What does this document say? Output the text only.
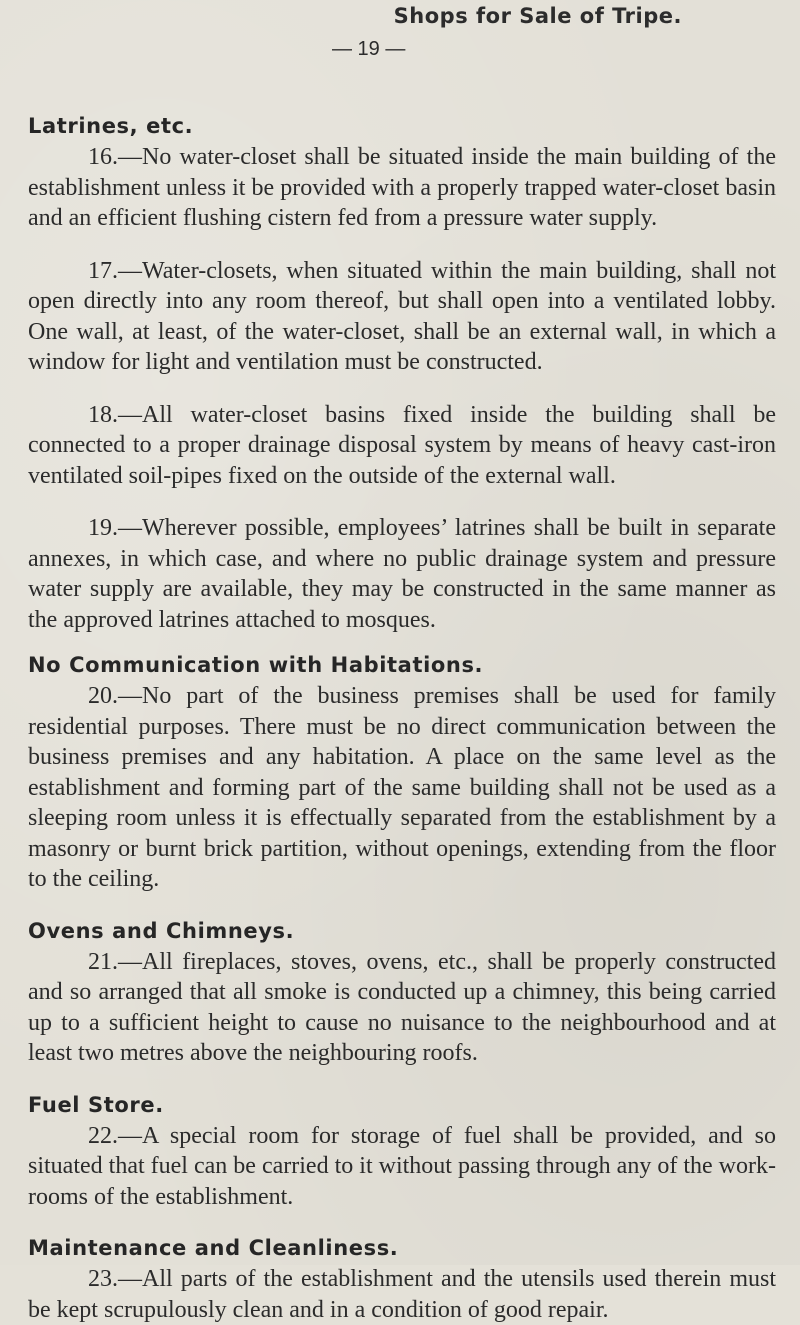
Shops for Sale of Tripe.
— 19 —
Latrines, etc.

16.—No water-closet shall be situated inside the main building of the establishment unless it be provided with a properly trapped water-closet basin and an efficient flushing cistern fed from a pressure water supply.

17.—Water-closets, when situated within the main building, shall not open directly into any room thereof, but shall open into a ventilated lobby. One wall, at least, of the water-closet, shall be an external wall, in which a window for light and ventilation must be constructed.

18.—All water-closet basins fixed inside the building shall be connected to a proper drainage disposal system by means of heavy cast-iron ventilated soil-pipes fixed on the outside of the external wall.

19.—Wherever possible, employees’ latrines shall be built in separate annexes, in which case, and where no public drainage system and pressure water supply are available, they may be constructed in the same manner as the approved latrines attached to mosques.

No Communication with Habitations.

20.—No part of the business premises shall be used for family residential purposes. There must be no direct communication between the business premises and any habitation. A place on the same level as the establishment and forming part of the same building shall not be used as a sleeping room unless it is effectually separated from the establishment by a masonry or burnt brick partition, without openings, extending from the floor to the ceiling.

Ovens and Chimneys.

21.—All fireplaces, stoves, ovens, etc., shall be properly constructed and so arranged that all smoke is conducted up a chimney, this being carried up to a sufficient height to cause no nuisance to the neighbourhood and at least two metres above the neighbouring roofs.

Fuel Store.

22.—A special room for storage of fuel shall be provided, and so situated that fuel can be carried to it without passing through any of the work-rooms of the establishment.

Maintenance and Cleanliness.

23.—All parts of the establishment and the utensils used therein must be kept scrupulously clean and in a condition of good repair.
